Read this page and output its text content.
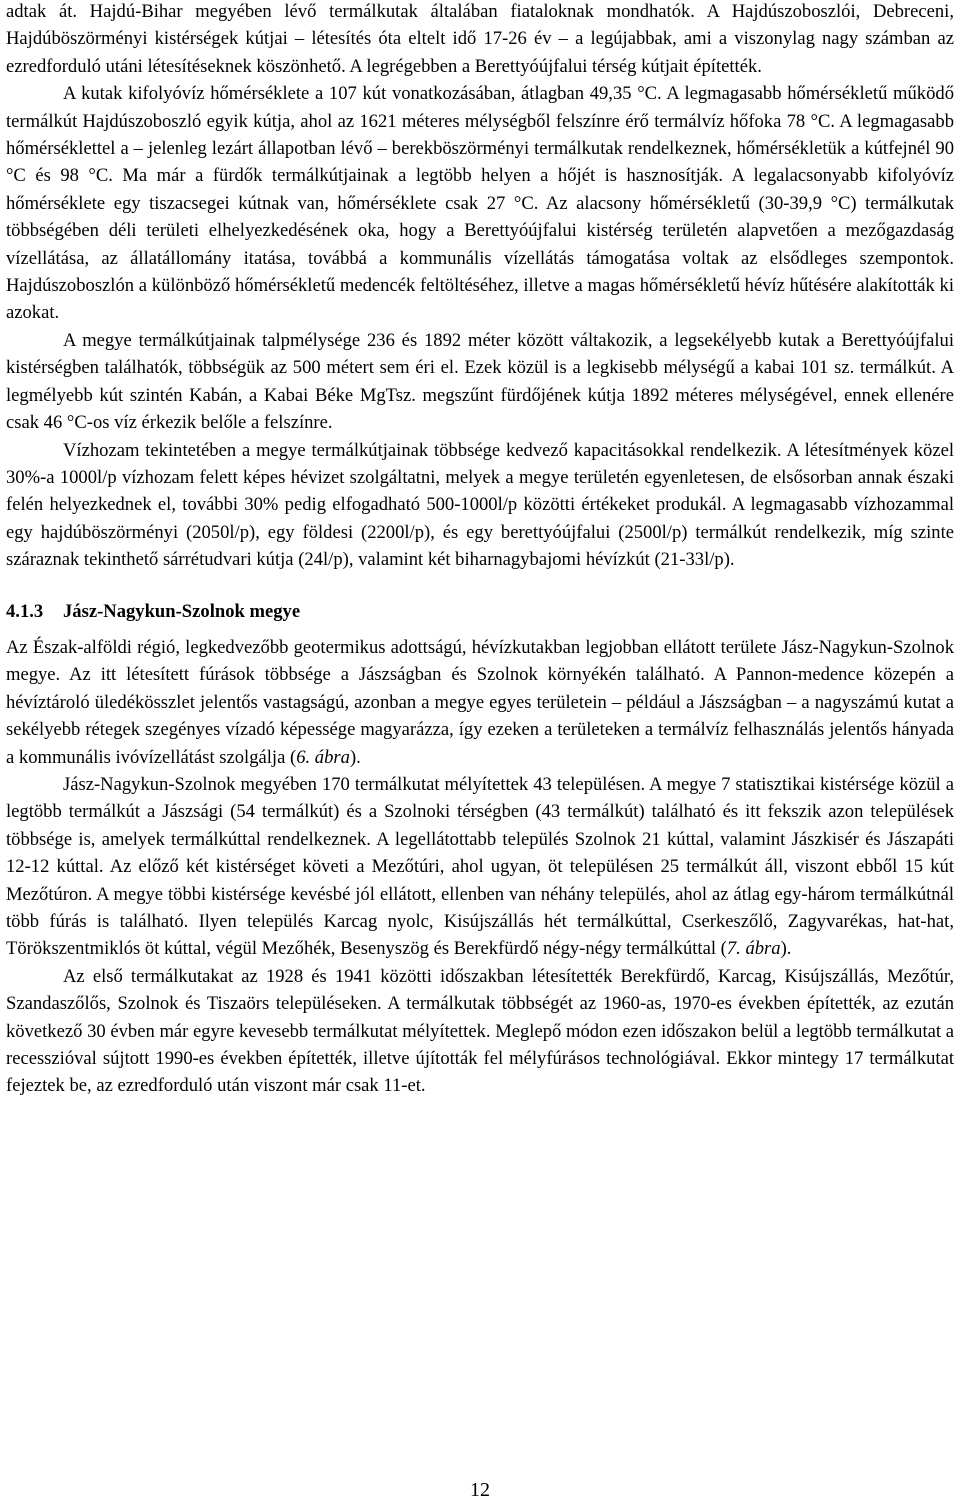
adtak át. Hajdú-Bihar megyében lévő termálkutak általában fiataloknak mondhatók. A Hajdúszoboszlói, Debreceni, Hajdúböszörményi kistérségek kútjai – létesítés óta eltelt idő 17-26 év – a legújabbak, ami a viszonylag nagy számban az ezredforduló utáni létesítéseknek köszönhető. A legrégebben a Berettyóújfalui térség kútjait építették.

A kutak kifolyóvíz hőmérséklete a 107 kút vonatkozásában, átlagban 49,35 °C. A legmagasabb hőmérsékletű működő termálkút Hajdúszoboszló egyik kútja, ahol az 1621 méteres mélységből felszínre érő termálvíz hőfoka 78 °C. A legmagasabb hőmérséklettel a – jelenleg lezárt állapotban lévő – berekböszörményi termálkutak rendelkeznek, hőmérsékletük a kútfejnél 90 °C és 98 °C. Ma már a fürdők termálkútjainak a legtöbb helyen a hőjét is hasznosítják. A legalacsonyabb kifolyóvíz hőmérséklete egy tiszacsegei kútnak van, hőmérséklete csak 27 °C. Az alacsony hőmérsékletű (30-39,9 °C) termálkutak többségében déli területi elhelyezkedésének oka, hogy a Berettyóújfalui kistérség területén alapvetően a mezőgazdaság vízellátása, az állatállomány itatása, továbbá a kommunális vízellátás támogatása voltak az elsődleges szempontok. Hajdúszoboszlón a különböző hőmérsékletű medencék feltöltéséhez, illetve a magas hőmérsékletű hévíz hűtésére alakították ki azokat.

A megye termálkútjainak talpmélysége 236 és 1892 méter között váltakozik, a legsekélyebb kutak a Berettyóújfalui kistérségben találhatók, többségük az 500 métert sem éri el. Ezek közül is a legkisebb mélységű a kabai 101 sz. termálkút. A legmélyebb kút szintén Kabán, a Kabai Béke MgTsz. megszűnt fürdőjének kútja 1892 méteres mélységével, ennek ellenére csak 46 °C-os víz érkezik belőle a felszínre.

Vízhozam tekintetében a megye termálkútjainak többsége kedvező kapacitásokkal rendelkezik. A létesítmények közel 30%-a 1000l/p vízhozam felett képes hévizet szolgáltatni, melyek a megye területén egyenletesen, de elsősorban annak északi felén helyezkednek el, további 30% pedig elfogadható 500-1000l/p közötti értékeket produkál. A legmagasabb vízhozammal egy hajdúböszörményi (2050l/p), egy földesi (2200l/p), és egy berettyóújfalui (2500l/p) termálkút rendelkezik, míg szinte száraznak tekinthető sárrétudvari kútja (24l/p), valamint két biharnagybajomi hévízkút (21-33l/p).

4.1.3 Jász-Nagykun-Szolnok megye

Az Észak-alföldi régió, legkedvezőbb geotermikus adottságú, hévízkutakban legjobban ellátott területe Jász-Nagykun-Szolnok megye. Az itt létesített fúrások többsége a Jászságban és Szolnok környékén található. A Pannon-medence közepén a hévíztároló üledékösszlet jelentős vastagságú, azonban a megye egyes területein – például a Jászságban – a nagyszámú kutat a sekélyebb rétegek szegényes vízadó képessége magyarázza, így ezeken a területeken a termálvíz felhasználás jelentős hányada a kommunális ivóvízellátást szolgálja (6. ábra).

Jász-Nagykun-Szolnok megyében 170 termálkutat mélyítettek 43 településen. A megye 7 statisztikai kistérsége közül a legtöbb termálkút a Jászsági (54 termálkút) és a Szolnoki térségben (43 termálkút) található és itt fekszik azon települések többsége is, amelyek termálkúttal rendelkeznek. A legellátottabb település Szolnok 21 kúttal, valamint Jászkisér és Jászapáti 12-12 kúttal. Az előző két kistérséget követi a Mezőtúri, ahol ugyan, öt településen 25 termálkút áll, viszont ebből 15 kút Mezőtúron. A megye többi kistérsége kevésbé jól ellátott, ellenben van néhány település, ahol az átlag egy-három termálkútnál több fúrás is található. Ilyen település Karcag nyolc, Kisújszállás hét termálkúttal, Cserkeszőlő, Zagyvarékas, hat-hat, Törökszentmiklós öt kúttal, végül Mezőhék, Besenyszög és Berekfürdő négy-négy termálkúttal (7. ábra).

Az első termálkutakat az 1928 és 1941 közötti időszakban létesítették Berekfürdő, Karcag, Kisújszállás, Mezőtúr, Szandaszőlős, Szolnok és Tiszaörs településeken. A termálkutak többségét az 1960-as, 1970-es években építették, az ezután következő 30 évben már egyre kevesebb termálkutat mélyítettek. Meglepő módon ezen időszakon belül a legtöbb termálkutat a recesszióval sújtott 1990-es években építették, illetve újították fel mélyfúrásos technológiával. Ekkor mintegy 17 termálkutat fejeztek be, az ezredforduló után viszont már csak 11-et.

12
